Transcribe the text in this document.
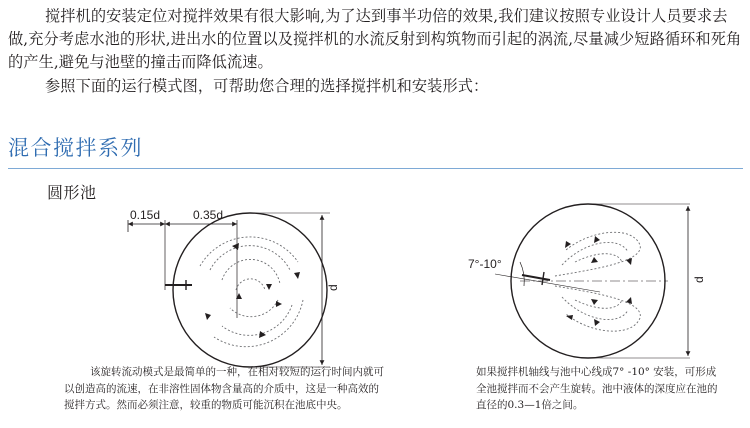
搅拌机的安装定位对搅拌效果有很大影响,为了达到事半功倍的效果,我们建议按照专业设计人员要求去做,充分考虑水池的形状,进出水的位置以及搅拌机的水流反射到构筑物而引起的涡流,尽量减少短路循环和死角的产生,避免与池壁的撞击而降低流速。

参照下面的运行模式图，可帮助您合理的选择搅拌机和安装形式：

混合搅拌系列
圆形池
0.15d	0.35d
d
d
7°-10°

该旋转流动模式是最简单的一种，在相对较短的运行时间内就可以创造高的流速，在非溶性固体物含量高的介质中，这是一种高效的搅拌方式。然而必须注意，较重的物质可能沉积在池底中央。

如果搅拌机轴线与池中心线成7° -10° 安装，可形成全池搅拌而不会产生旋转。池中液体的深度应在池的直径的0.3—1倍之间。
